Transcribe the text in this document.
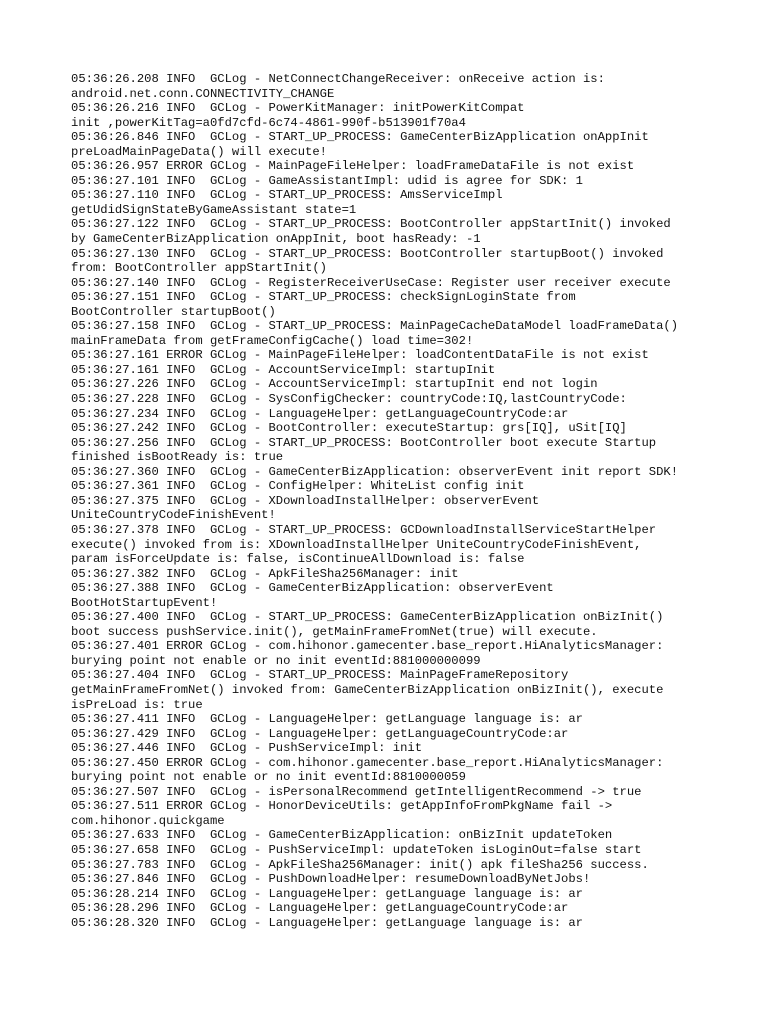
05:36:26.208 INFO  GCLog - NetConnectChangeReceiver: onReceive action is:
android.net.conn.CONNECTIVITY_CHANGE
05:36:26.216 INFO  GCLog - PowerKitManager: initPowerKitCompat
init ,powerKitTag=a0fd7cfd-6c74-4861-990f-b513901f70a4
05:36:26.846 INFO  GCLog - START_UP_PROCESS: GameCenterBizApplication onAppInit
preLoadMainPageData() will execute!
05:36:26.957 ERROR GCLog - MainPageFileHelper: loadFrameDataFile is not exist
05:36:27.101 INFO  GCLog - GameAssistantImpl: udid is agree for SDK: 1
05:36:27.110 INFO  GCLog - START_UP_PROCESS: AmsServiceImpl
getUdidSignStateByGameAssistant state=1
05:36:27.122 INFO  GCLog - START_UP_PROCESS: BootController appStartInit() invoked
by GameCenterBizApplication onAppInit, boot hasReady: -1
05:36:27.130 INFO  GCLog - START_UP_PROCESS: BootController startupBoot() invoked
from: BootController appStartInit()
05:36:27.140 INFO  GCLog - RegisterReceiverUseCase: Register user receiver execute
05:36:27.151 INFO  GCLog - START_UP_PROCESS: checkSignLoginState from
BootController startupBoot()
05:36:27.158 INFO  GCLog - START_UP_PROCESS: MainPageCacheDataModel loadFrameData()
mainFrameData from getFrameConfigCache() load time=302!
05:36:27.161 ERROR GCLog - MainPageFileHelper: loadContentDataFile is not exist
05:36:27.161 INFO  GCLog - AccountServiceImpl: startupInit
05:36:27.226 INFO  GCLog - AccountServiceImpl: startupInit end not login
05:36:27.228 INFO  GCLog - SysConfigChecker: countryCode:IQ,lastCountryCode:
05:36:27.234 INFO  GCLog - LanguageHelper: getLanguageCountryCode:ar
05:36:27.242 INFO  GCLog - BootController: executeStartup: grs[IQ], uSit[IQ]
05:36:27.256 INFO  GCLog - START_UP_PROCESS: BootController boot execute Startup
finished isBootReady is: true
05:36:27.360 INFO  GCLog - GameCenterBizApplication: observerEvent init report SDK!
05:36:27.361 INFO  GCLog - ConfigHelper: WhiteList config init
05:36:27.375 INFO  GCLog - XDownloadInstallHelper: observerEvent
UniteCountryCodeFinishEvent!
05:36:27.378 INFO  GCLog - START_UP_PROCESS: GCDownloadInstallServiceStartHelper
execute() invoked from is: XDownloadInstallHelper UniteCountryCodeFinishEvent,
param isForceUpdate is: false, isContinueAllDownload is: false
05:36:27.382 INFO  GCLog - ApkFileSha256Manager: init
05:36:27.388 INFO  GCLog - GameCenterBizApplication: observerEvent
BootHotStartupEvent!
05:36:27.400 INFO  GCLog - START_UP_PROCESS: GameCenterBizApplication onBizInit()
boot success pushService.init(), getMainFrameFromNet(true) will execute.
05:36:27.401 ERROR GCLog - com.hihonor.gamecenter.base_report.HiAnalyticsManager:
burying point not enable or no init eventId:881000000099
05:36:27.404 INFO  GCLog - START_UP_PROCESS: MainPageFrameRepository
getMainFrameFromNet() invoked from: GameCenterBizApplication onBizInit(), execute
isPreLoad is: true
05:36:27.411 INFO  GCLog - LanguageHelper: getLanguage language is: ar
05:36:27.429 INFO  GCLog - LanguageHelper: getLanguageCountryCode:ar
05:36:27.446 INFO  GCLog - PushServiceImpl: init
05:36:27.450 ERROR GCLog - com.hihonor.gamecenter.base_report.HiAnalyticsManager:
burying point not enable or no init eventId:8810000059
05:36:27.507 INFO  GCLog - isPersonalRecommend getIntelligentRecommend -> true
05:36:27.511 ERROR GCLog - HonorDeviceUtils: getAppInfoFromPkgName fail ->
com.hihonor.quickgame
05:36:27.633 INFO  GCLog - GameCenterBizApplication: onBizInit updateToken
05:36:27.658 INFO  GCLog - PushServiceImpl: updateToken isLoginOut=false start
05:36:27.783 INFO  GCLog - ApkFileSha256Manager: init() apk fileSha256 success.
05:36:27.846 INFO  GCLog - PushDownloadHelper: resumeDownloadByNetJobs!
05:36:28.214 INFO  GCLog - LanguageHelper: getLanguage language is: ar
05:36:28.296 INFO  GCLog - LanguageHelper: getLanguageCountryCode:ar
05:36:28.320 INFO  GCLog - LanguageHelper: getLanguage language is: ar
